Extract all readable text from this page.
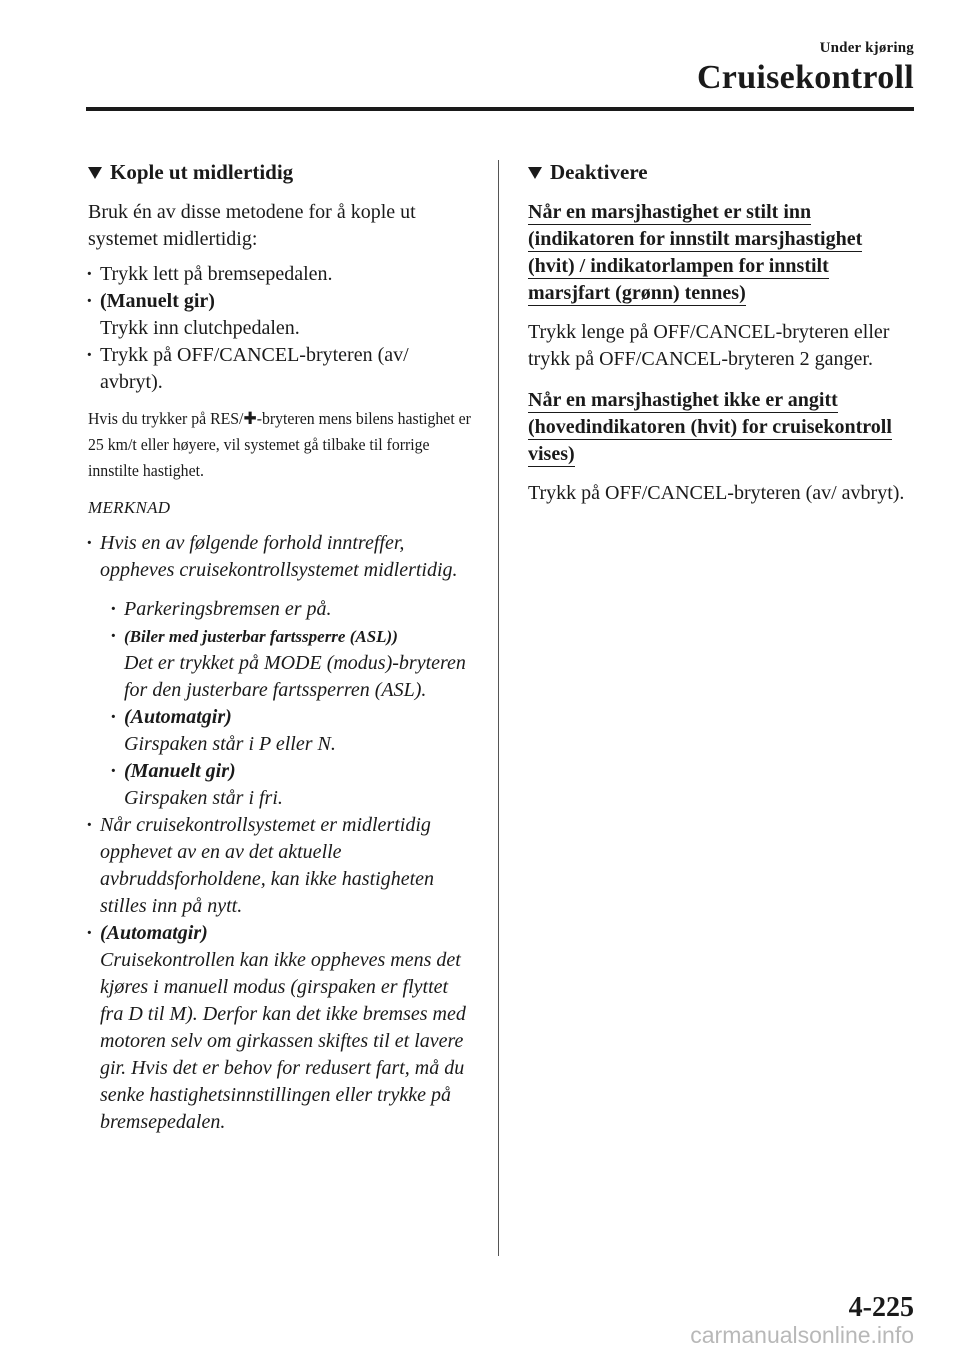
Under kjøring
Cruisekontroll
Kople ut midlertidig
Bruk én av disse metodene for å kople ut systemet midlertidig:
· Trykk lett på bremsepedalen.
· (Manuelt gir)
Trykk inn clutchpedalen.
· Trykk på OFF/CANCEL-bryteren (av/ avbryt).
Hvis du trykker på RES/✚-bryteren mens bilens hastighet er 25 km/t eller høyere, vil systemet gå tilbake til forrige innstilte hastighet.
MERKNAD
· Hvis en av følgende forhold inntreffer, oppheves cruisekontrollsystemet midlertidig.
· Parkeringsbremsen er på.
· (Biler med justerbar fartssperre (ASL))
Det er trykket på MODE (modus)-bryteren for den justerbare fartssperren (ASL).
· (Automatgir)
Girspaken står i P eller N.
· (Manuelt gir)
Girspaken står i fri.
· Når cruisekontrollsystemet er midlertidig opphevet av en av det aktuelle avbruddsforholdene, kan ikke hastigheten stilles inn på nytt.
· (Automatgir)
Cruisekontrollen kan ikke oppheves mens det kjøres i manuell modus (girspaken er flyttet fra D til M). Derfor kan det ikke bremses med motoren selv om girkassen skiftes til et lavere gir. Hvis det er behov for redusert fart, må du senke hastighetsinnstillingen eller trykke på bremsepedalen.
Deaktivere
Når en marsjhastighet er stilt inn (indikatoren for innstilt marsjhastighet (hvit) / indikatorlampen for innstilt marsjfart (grønn) tennes)
Trykk lenge på OFF/CANCEL-bryteren eller trykk på OFF/CANCEL-bryteren 2 ganger.
Når en marsjhastighet ikke er angitt (hovedindikatoren (hvit) for cruisekontroll vises)
Trykk på OFF/CANCEL-bryteren (av/ avbryt).
4-225
carmanualsonline.info
